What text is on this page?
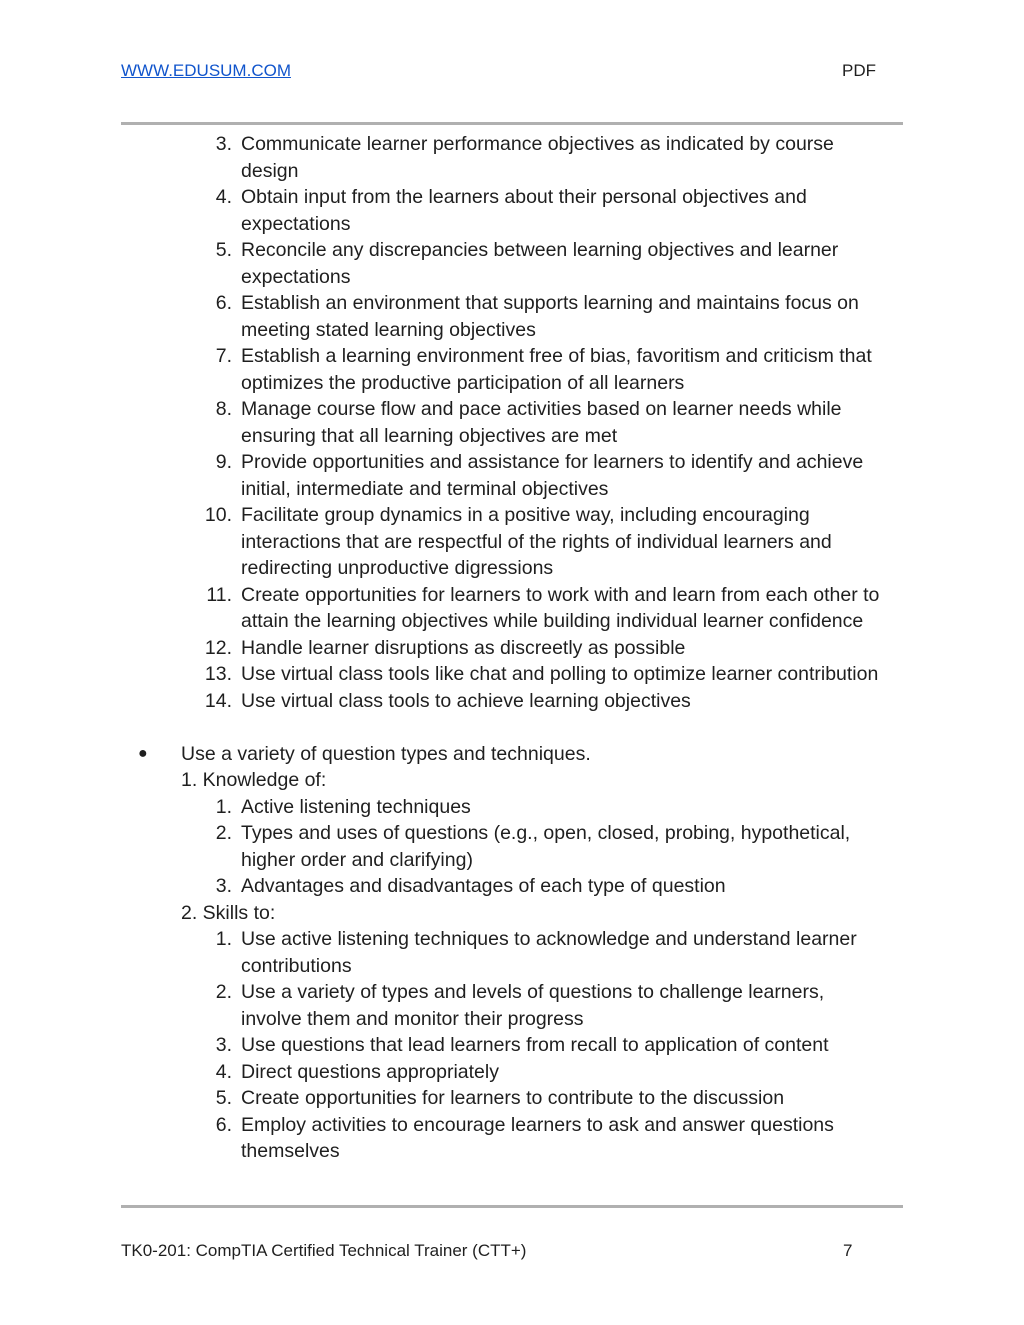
WWW.EDUSUM.COM	PDF
3. Communicate learner performance objectives as indicated by course
design
4. Obtain input from the learners about their personal objectives and
expectations
5. Reconcile any discrepancies between learning objectives and learner
expectations
6. Establish an environment that supports learning and maintains focus on
meeting stated learning objectives
7. Establish a learning environment free of bias, favoritism and criticism that
optimizes the productive participation of all learners
8. Manage course flow and pace activities based on learner needs while
ensuring that all learning objectives are met
9. Provide opportunities and assistance for learners to identify and achieve
initial, intermediate and terminal objectives
10. Facilitate group dynamics in a positive way, including encouraging
interactions that are respectful of the rights of individual learners and
redirecting unproductive digressions
11. Create opportunities for learners to work with and learn from each other to
attain the learning objectives while building individual learner confidence
12. Handle learner disruptions as discreetly as possible
13. Use virtual class tools like chat and polling to optimize learner contribution
14. Use virtual class tools to achieve learning objectives
● Use a variety of question types and techniques.
1. Knowledge of:
1. Active listening techniques
2. Types and uses of questions (e.g., open, closed, probing, hypothetical,
higher order and clarifying)
3. Advantages and disadvantages of each type of question
2. Skills to:
1. Use active listening techniques to acknowledge and understand learner
contributions
2. Use a variety of types and levels of questions to challenge learners,
involve them and monitor their progress
3. Use questions that lead learners from recall to application of content
4. Direct questions appropriately
5. Create opportunities for learners to contribute to the discussion
6. Employ activities to encourage learners to ask and answer questions
themselves
TK0-201: CompTIA Certified Technical Trainer (CTT+)	7
